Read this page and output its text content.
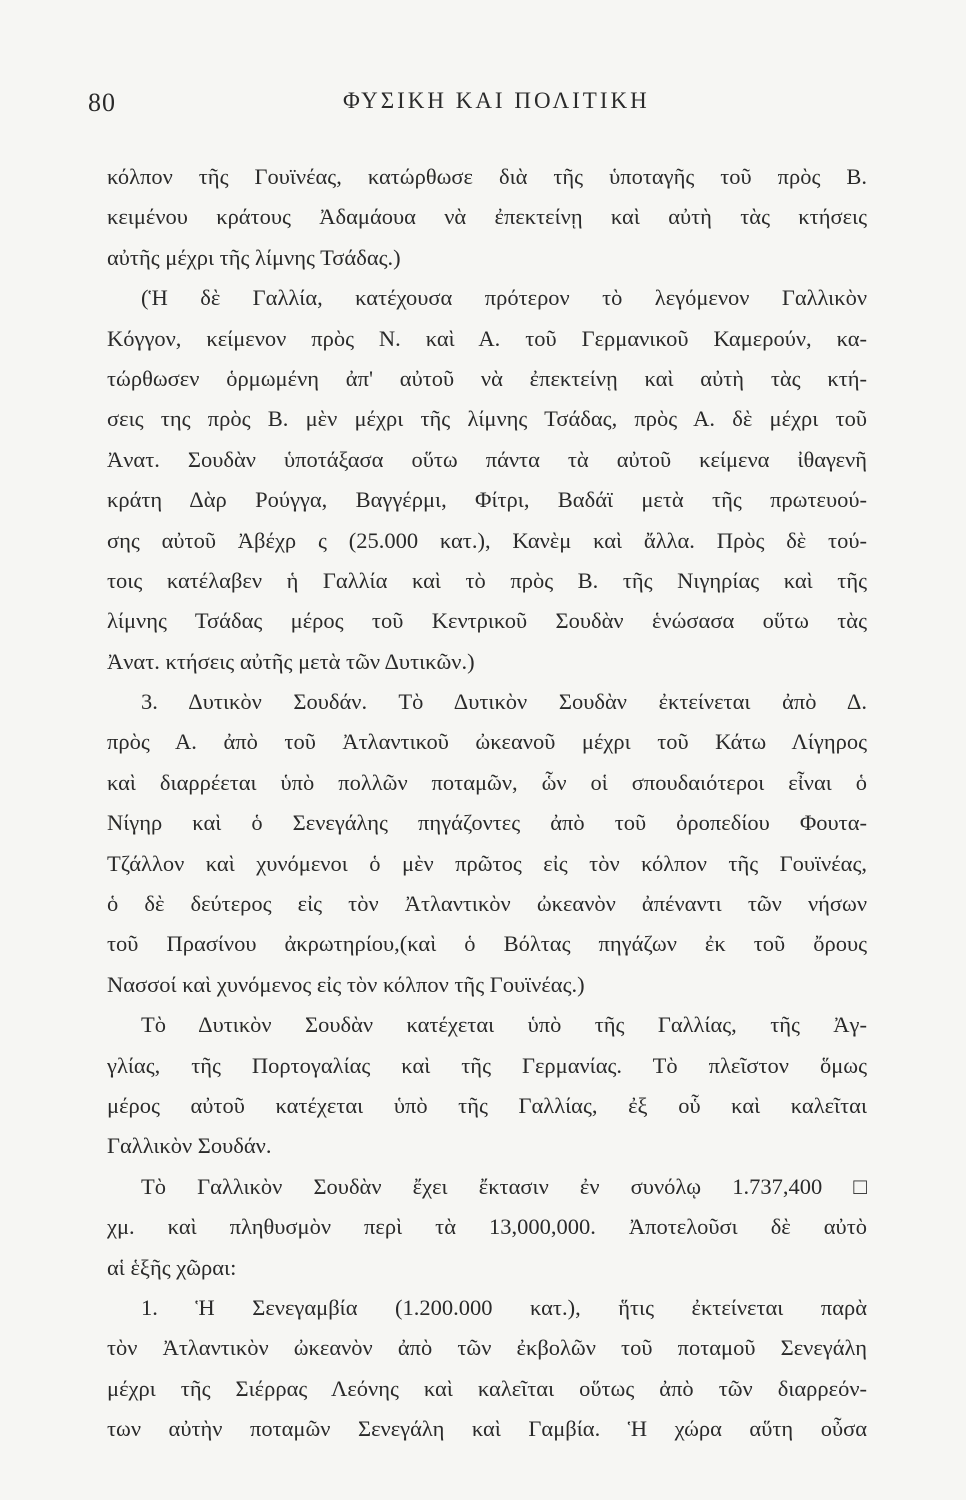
80	ΦΥΣΙΚΗ ΚΑΙ ΠΟΛΙΤΙΚΗ
κόλπον τῆς Γουϊνέας, κατώρθωσε διὰ τῆς ὑποταγῆς τοῦ πρὸς Β.
κειμένου κράτους Ἀδαμάουα νὰ ἐπεκτείνῃ καὶ αὐτὴ τὰς κτήσεις
αὐτῆς μέχρι τῆς λίμνης Τσάδας.)
(Ἡ δὲ Γαλλία, κατέχουσα πρότερον τὸ λεγόμενον Γαλλικὸν
Κόγγον, κείμενον πρὸς Ν. καὶ Α. τοῦ Γερμανικοῦ Καμερούν, κα-
τώρθωσεν ὁρμωμένη ἀπ' αὐτοῦ νὰ ἐπεκτείνῃ καὶ αὐτὴ τὰς κτή-
σεις της πρὸς Β. μὲν μέχρι τῆς λίμνης Τσάδας, πρὸς Α. δὲ μέχρι τοῦ
Ἀνατ. Σουδὰν ὑποτάξασα οὕτω πάντα τὰ αὐτοῦ κείμενα ἰθαγενῆ
κράτη Δὰρ Ρούγγα, Βαγγέρμι, Φίτρι, Βαδάϊ μετὰ τῆς πρωτευού-
σης αὐτοῦ Ἀβέχρ ς (25.000 κατ.), Κανὲμ καὶ ἄλλα. Πρὸς δὲ τού-
τοις κατέλαβεν ἡ Γαλλία καὶ τὸ πρὸς Β. τῆς Νιγηρίας καὶ τῆς
λίμνης Τσάδας μέρος τοῦ Κεντρικοῦ Σουδὰν ἑνώσασα οὕτω τὰς
Ἀνατ. κτήσεις αὐτῆς μετὰ τῶν Δυτικῶν.)
3. Δυτικὸν Σουδάν. Τὸ Δυτικὸν Σουδὰν ἐκτείνεται ἀπὸ Δ.
πρὸς Α. ἀπὸ τοῦ Ἀτλαντικοῦ ὠκεανοῦ μέχρι τοῦ Κάτω Λίγηρος
καὶ διαρρέεται ὑπὸ πολλῶν ποταμῶν, ὧν οἱ σπουδαιότεροι εἶναι ὁ
Νίγηρ καὶ ὁ Σενεγάλης πηγάζοντες ἀπὸ τοῦ ὀροπεδίου Φουτα-
Τζάλλον καὶ χυνόμενοι ὁ μὲν πρῶτος εἰς τὸν κόλπον τῆς Γουϊνέας,
ὁ δὲ δεύτερος εἰς τὸν Ἀτλαντικὸν ὠκεανὸν ἀπέναντι τῶν νήσων
τοῦ Πρασίνου ἀκρωτηρίου,(καὶ ὁ Βόλτας πηγάζων ἐκ τοῦ ὄρους
Νασσοί καὶ χυνόμενος εἰς τὸν κόλπον τῆς Γουϊνέας.)
Τὸ Δυτικὸν Σουδὰν κατέχεται ὑπὸ τῆς Γαλλίας, τῆς Ἀγ-
γλίας, τῆς Πορτογαλίας καὶ τῆς Γερμανίας. Τὸ πλεῖστον ὅμως
μέρος αὐτοῦ κατέχεται ὑπὸ τῆς Γαλλίας, ἐξ οὗ καὶ καλεῖται
Γαλλικὸν Σουδάν.
Τὸ Γαλλικὸν Σουδὰν ἔχει ἔκτασιν ἐν συνόλῳ 1.737,400 □
χμ. καὶ πληθυσμὸν περὶ τὰ 13,000,000. Ἀποτελοῦσι δὲ αὐτὸ
αἱ ἑξῆς χῶραι:
1. Ἡ Σενεγαμβία (1.200.000 κατ.), ἥτις ἐκτείνεται παρὰ
τὸν Ἀτλαντικὸν ὠκεανὸν ἀπὸ τῶν ἐκβολῶν τοῦ ποταμοῦ Σενεγάλη
μέχρι τῆς Σιέρρας Λεόνης καὶ καλεῖται οὕτως ἀπὸ τῶν διαρρεόν-
των αὐτὴν ποταμῶν Σενεγάλη καὶ Γαμβία. Ἡ χώρα αὕτη οὖσα
